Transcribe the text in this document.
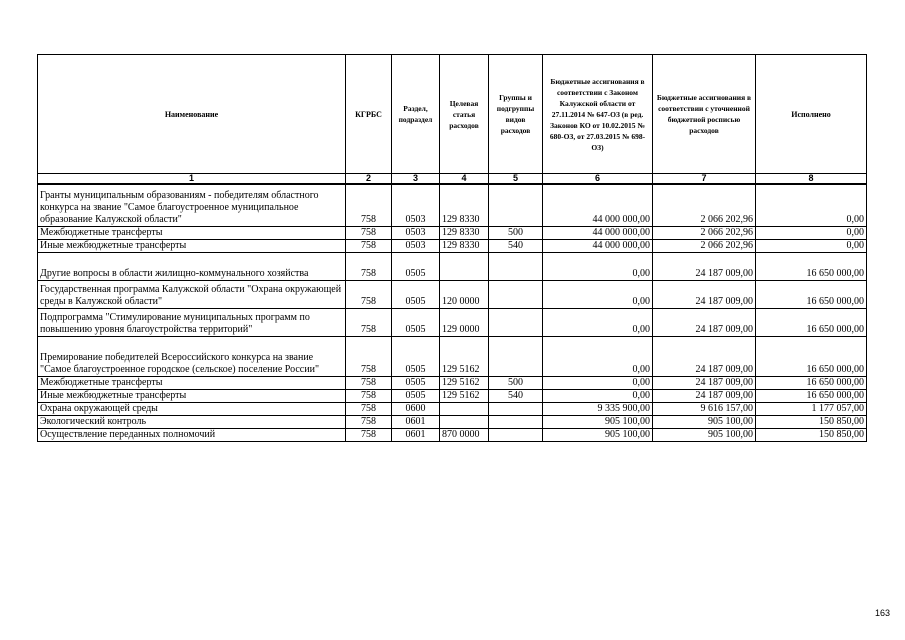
Наименование	КГРБС	Раздел, подраздел	Целевая статья расходов	Группы и подгруппы видов расходов	Бюджетные ассигнования в соответствии с Законом Калужской области от 27.11.2014 № 647-ОЗ (в ред. Законов КО от 10.02.2015 № 680-ОЗ, от 27.03.2015 № 698-ОЗ)	Бюджетные ассигнования в соответствии с уточненной бюджетной росписью расходов	Исполнено
1	2	3	4	5	6	7	8
Гранты муниципальным образованиям - победителям областного конкурса на звание "Самое благоустроенное муниципальное образование Калужской области"	758	0503	129 8330		44 000 000,00	2 066 202,96	0,00
Межбюджетные трансферты	758	0503	129 8330	500	44 000 000,00	2 066 202,96	0,00
Иные межбюджетные трансферты	758	0503	129 8330	540	44 000 000,00	2 066 202,96	0,00
Другие вопросы в области жилищно-коммунального хозяйства	758	0505			0,00	24 187 009,00	16 650 000,00
Государственная программа Калужской области "Охрана окружающей среды в Калужской области"	758	0505	120 0000		0,00	24 187 009,00	16 650 000,00
Подпрограмма "Стимулирование муниципальных программ по повышению уровня благоустройства территорий"	758	0505	129 0000		0,00	24 187 009,00	16 650 000,00
Премирование победителей Всероссийского конкурса на звание "Самое благоустроенное городское (сельское) поселение России"	758	0505	129 5162		0,00	24 187 009,00	16 650 000,00
Межбюджетные трансферты	758	0505	129 5162	500	0,00	24 187 009,00	16 650 000,00
Иные межбюджетные трансферты	758	0505	129 5162	540	0,00	24 187 009,00	16 650 000,00
Охрана окружающей среды	758	0600			9 335 900,00	9 616 157,00	1 177 057,00
Экологический контроль	758	0601			905 100,00	905 100,00	150 850,00
Осуществление переданных полномочий	758	0601	870 0000		905 100,00	905 100,00	150 850,00
163
